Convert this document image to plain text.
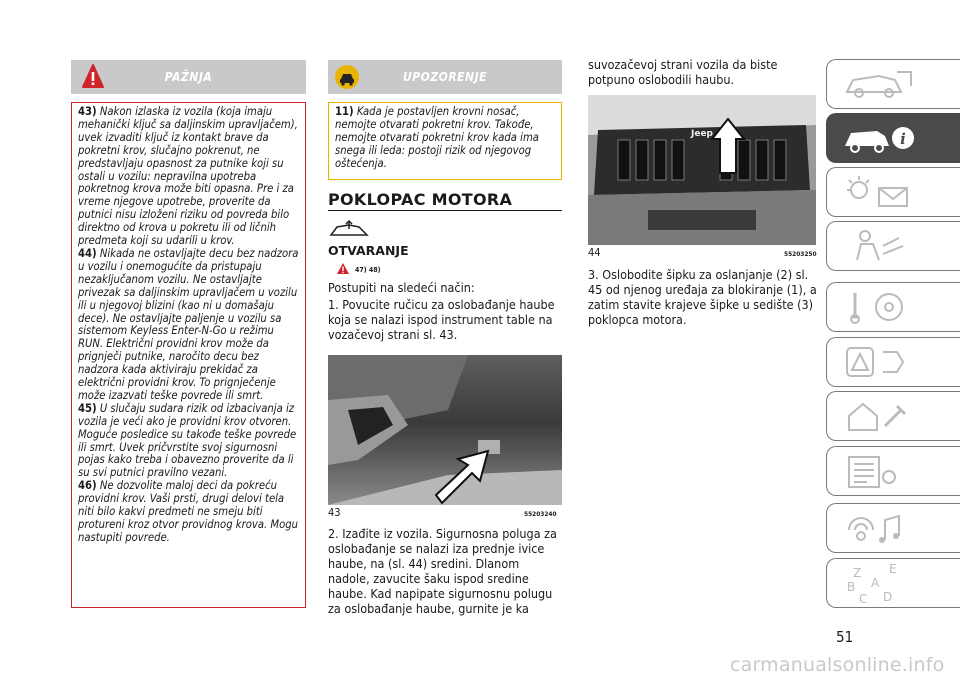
PAŽNJA

43) Nakon izlaska iz vozila (koja imaju mehanički ključ sa daljinskim upravljačem), uvek izvaditi ključ iz kontakt brave da pokretni krov, slučajno pokrenut, ne predstavljaju opasnost za putnike koji su ostali u vozilu: nepravilna upotreba pokretnog krova može biti opasna. Pre i za vreme njegove upotrebe, proverite da putnici nisu izloženi riziku od povreda bilo direktno od krova u pokretu ili od ličnih predmeta koji su udarili u krov.

44) Nikada ne ostavljajte decu bez nadzora u vozilu i onemogućite da pristupaju nezaključanom vozilu. Ne ostavljajte privezak sa daljinskim upravljačem u vozilu ili u njegovoj blizini (kao ni u domašaju dece). Ne ostavljajte paljenje u vozilu sa sistemom Keyless Enter-N-Go u režimu RUN. Električni providni krov može da prignječi putnike, naročito decu bez nadzora kada aktiviraju prekidač za električni providni krov. To prignječenje može izazvati teške povrede ili smrt.

45) U slučaju sudara rizik od izbacivanja iz vozila je veći ako je providni krov otvoren. Moguće posledice su takođe teške povrede ili smrt. Uvek pričvrstite svoj sigurnosni pojas kako treba i obavezno proverite da li su svi putnici pravilno vezani.

46) Ne dozvolite maloj deci da pokreću providni krov. Vaši prsti, drugi delovi tela niti bilo kakvi predmeti ne smeju biti protureni kroz otvor providnog krova. Mogu nastupiti povrede.

UPOZORENJE

11) Kada je postavljen krovni nosač, nemojte otvarati pokretni krov. Takođe, nemojte otvarati pokretni krov kada ima snega ili leda: postoji rizik od njegovog oštećenja.

POKLOPAC MOTORA
OTVARANJE
47) 48)

Postupiti na sledeći način:

1. Povucite ručicu za oslobađanje haube koja se nalazi ispod instrument table na vozačevoj strani sl. 43.

43	55203240

2. Izađite iz vozila. Sigurnosna poluga za oslobađanje se nalazi iza prednje ivice haube, na (sl. 44) sredini. Dlanom nadole, zavucite šaku ispod sredine haube. Kad napipate sigurnosnu polugu za oslobađanje haube, gurnite je ka

suvozačevoj strani vozila da biste potpuno oslobodili haubu.

Jeep
44	55203250

3. Oslobodite šipku za oslanjanje (2) sl. 45 od njenog uređaja za blokiranje (1), a zatim stavite krajeve šipke u sedište (3) poklopca motora.

i
Z E
B A
C D
51
carmanualsonline.info
